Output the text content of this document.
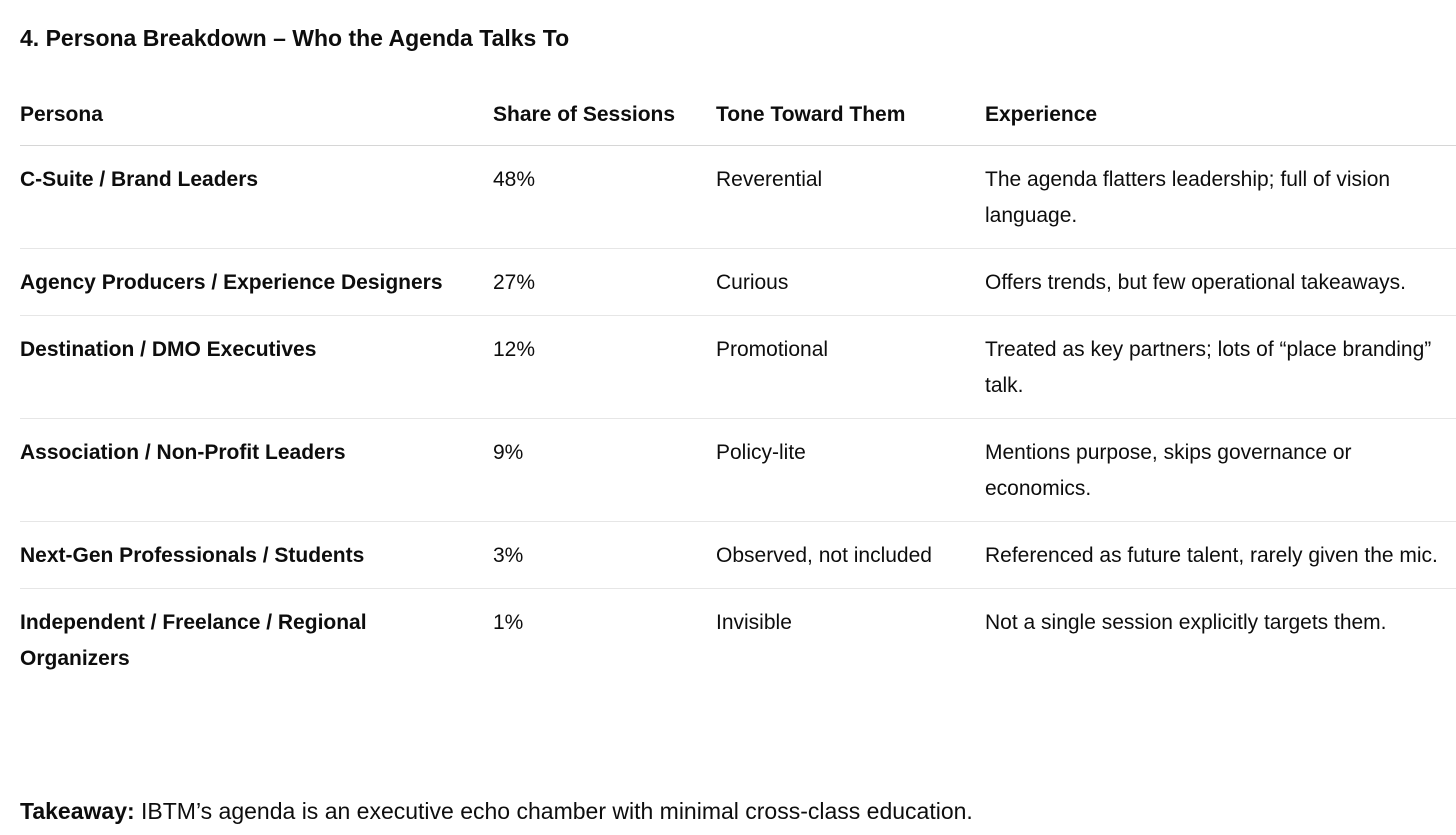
4. Persona Breakdown – Who the Agenda Talks To
Persona	Share of Sessions	Tone Toward Them	Experience
C-Suite / Brand Leaders	48%	Reverential	The agenda flatters leadership; full of vision language.
Agency Producers / Experience Designers	27%	Curious	Offers trends, but few operational takeaways.
Destination / DMO Executives	12%	Promotional	Treated as key partners; lots of “place branding” talk.
Association / Non-Profit Leaders	9%	Policy-lite	Mentions purpose, skips governance or economics.
Next-Gen Professionals / Students	3%	Observed, not included	Referenced as future talent, rarely given the mic.
Independent / Freelance / Regional Organizers	1%	Invisible	Not a single session explicitly targets them.

Takeaway: IBTM’s agenda is an executive echo chamber with minimal cross-class education.
